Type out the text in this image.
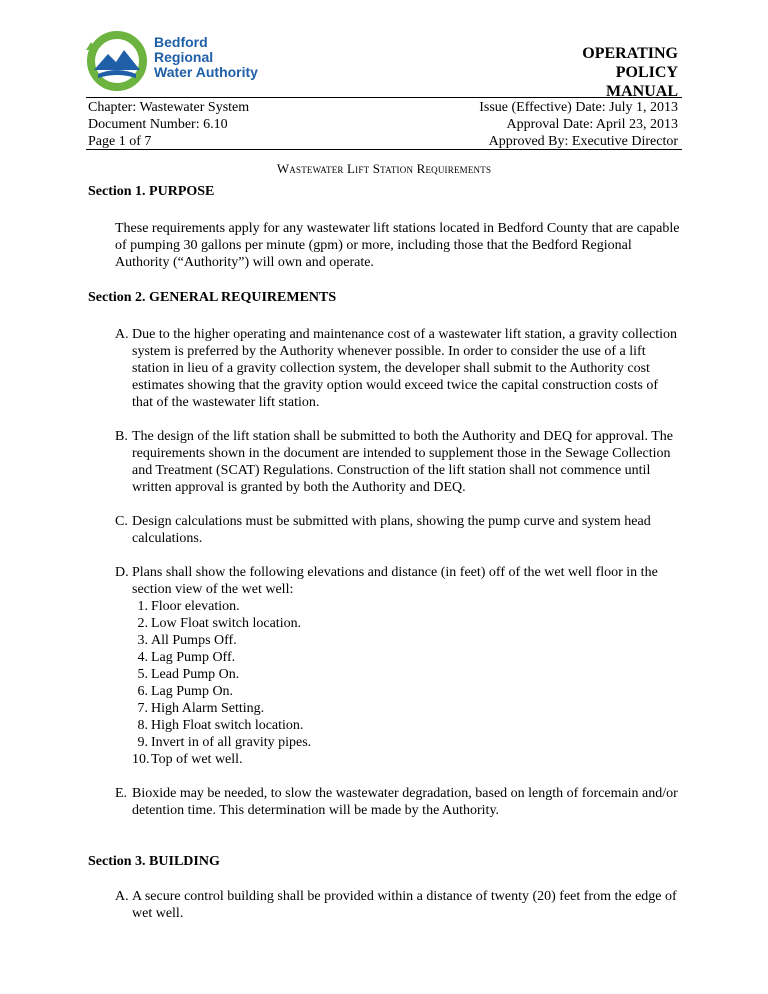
Bedford
Regional
Water Authority
OPERATING
POLICY
MANUAL
Chapter: Wastewater System
Document Number: 6.10
Page 1 of 7
Issue (Effective) Date: July 1, 2013
Approval Date: April 23, 2013
Approved By: Executive Director
Wastewater Lift Station Requirements

Section 1. PURPOSE

These requirements apply for any wastewater lift stations located in Bedford County that are capable of pumping 30 gallons per minute (gpm) or more, including those that the Bedford Regional Authority (“Authority”) will own and operate.

Section 2. GENERAL REQUIREMENTS

A. Due to the higher operating and maintenance cost of a wastewater lift station, a gravity collection system is preferred by the Authority whenever possible. In order to consider the use of a lift station in lieu of a gravity collection system, the developer shall submit to the Authority cost estimates showing that the gravity option would exceed twice the capital construction costs of that of the wastewater lift station.
B. The design of the lift station shall be submitted to both the Authority and DEQ for approval. The requirements shown in the document are intended to supplement those in the Sewage Collection and Treatment (SCAT) Regulations. Construction of the lift station shall not commence until written approval is granted by both the Authority and DEQ.
C. Design calculations must be submitted with plans, showing the pump curve and system head calculations.
D. Plans shall show the following elevations and distance (in feet) off of the wet well floor in the section view of the wet well:
1. Floor elevation.
2. Low Float switch location.
3. All Pumps Off.
4. Lag Pump Off.
5. Lead Pump On.
6. Lag Pump On.
7. High Alarm Setting.
8. High Float switch location.
9. Invert in of all gravity pipes.
10. Top of wet well.
E. Bioxide may be needed, to slow the wastewater degradation, based on length of forcemain and/or detention time. This determination will be made by the Authority.

Section 3. BUILDING

A. A secure control building shall be provided within a distance of twenty (20) feet from the edge of wet well.
